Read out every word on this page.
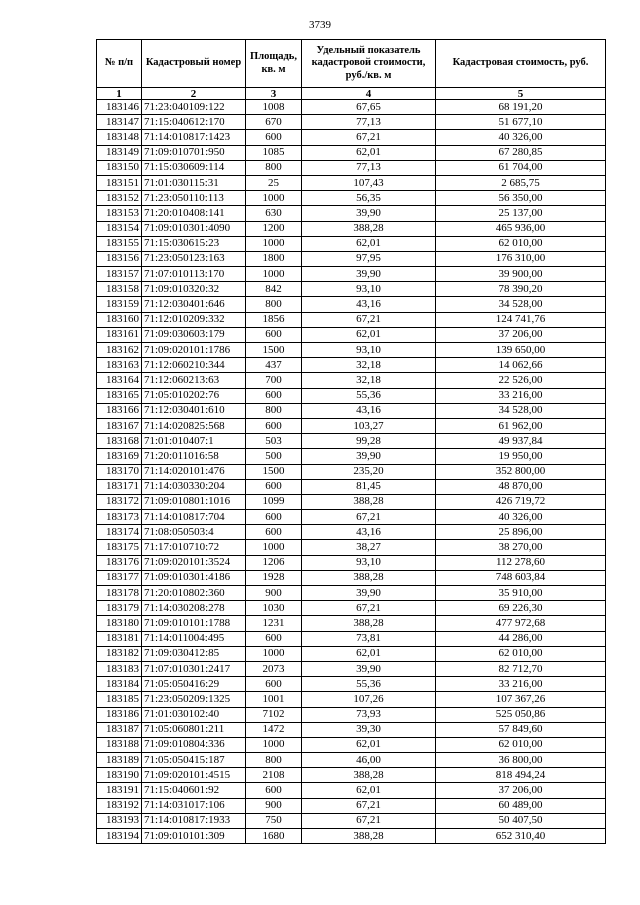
3739
№ п/п	Кадастровый номер	Площадь, кв. м	Удельный показатель кадастровой стоимости, руб./кв. м	Кадастровая стоимость, руб.
1	2	3	4	5
183146	71:23:040109:122	1008	67,65	68 191,20
183147	71:15:040612:170	670	77,13	51 677,10
183148	71:14:010817:1423	600	67,21	40 326,00
183149	71:09:010701:950	1085	62,01	67 280,85
183150	71:15:030609:114	800	77,13	61 704,00
183151	71:01:030115:31	25	107,43	2 685,75
183152	71:23:050110:113	1000	56,35	56 350,00
183153	71:20:010408:141	630	39,90	25 137,00
183154	71:09:010301:4090	1200	388,28	465 936,00
183155	71:15:030615:23	1000	62,01	62 010,00
183156	71:23:050123:163	1800	97,95	176 310,00
183157	71:07:010113:170	1000	39,90	39 900,00
183158	71:09:010320:32	842	93,10	78 390,20
183159	71:12:030401:646	800	43,16	34 528,00
183160	71:12:010209:332	1856	67,21	124 741,76
183161	71:09:030603:179	600	62,01	37 206,00
183162	71:09:020101:1786	1500	93,10	139 650,00
183163	71:12:060210:344	437	32,18	14 062,66
183164	71:12:060213:63	700	32,18	22 526,00
183165	71:05:010202:76	600	55,36	33 216,00
183166	71:12:030401:610	800	43,16	34 528,00
183167	71:14:020825:568	600	103,27	61 962,00
183168	71:01:010407:1	503	99,28	49 937,84
183169	71:20:011016:58	500	39,90	19 950,00
183170	71:14:020101:476	1500	235,20	352 800,00
183171	71:14:030330:204	600	81,45	48 870,00
183172	71:09:010801:1016	1099	388,28	426 719,72
183173	71:14:010817:704	600	67,21	40 326,00
183174	71:08:050503:4	600	43,16	25 896,00
183175	71:17:010710:72	1000	38,27	38 270,00
183176	71:09:020101:3524	1206	93,10	112 278,60
183177	71:09:010301:4186	1928	388,28	748 603,84
183178	71:20:010802:360	900	39,90	35 910,00
183179	71:14:030208:278	1030	67,21	69 226,30
183180	71:09:010101:1788	1231	388,28	477 972,68
183181	71:14:011004:495	600	73,81	44 286,00
183182	71:09:030412:85	1000	62,01	62 010,00
183183	71:07:010301:2417	2073	39,90	82 712,70
183184	71:05:050416:29	600	55,36	33 216,00
183185	71:23:050209:1325	1001	107,26	107 367,26
183186	71:01:030102:40	7102	73,93	525 050,86
183187	71:05:060801:211	1472	39,30	57 849,60
183188	71:09:010804:336	1000	62,01	62 010,00
183189	71:05:050415:187	800	46,00	36 800,00
183190	71:09:020101:4515	2108	388,28	818 494,24
183191	71:15:040601:92	600	62,01	37 206,00
183192	71:14:031017:106	900	67,21	60 489,00
183193	71:14:010817:1933	750	67,21	50 407,50
183194	71:09:010101:309	1680	388,28	652 310,40
